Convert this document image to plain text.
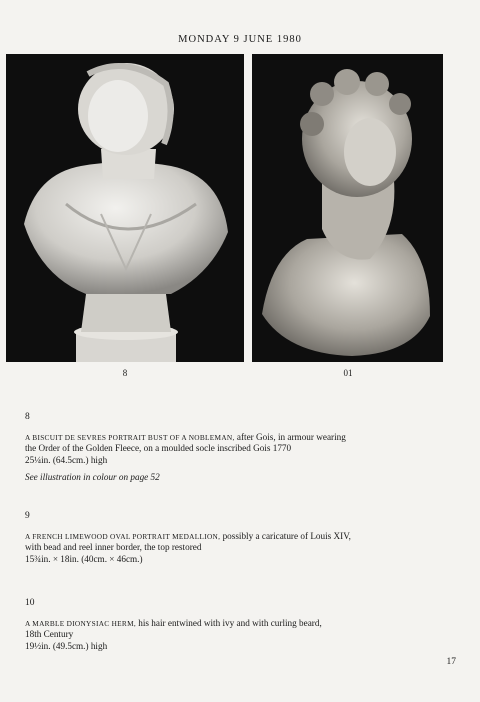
MONDAY 9 JUNE 1980
8	01
8
A BISCUIT DE SEVRES PORTRAIT BUST OF A NOBLEMAN, after Gois, in armour wearing
the Order of the Golden Fleece, on a moulded socle inscribed Gois 1770
25¼in. (64.5cm.) high
See illustration in colour on page 52
9
A FRENCH LIMEWOOD OVAL PORTRAIT MEDALLION, possibly a caricature of Louis XIV,
with bead and reel inner border, the top restored
15¾in. × 18in. (40cm. × 46cm.)
10
A MARBLE DIONYSIAC HERM, his hair entwined with ivy and with curling beard,
18th Century
19½in. (49.5cm.) high
17
